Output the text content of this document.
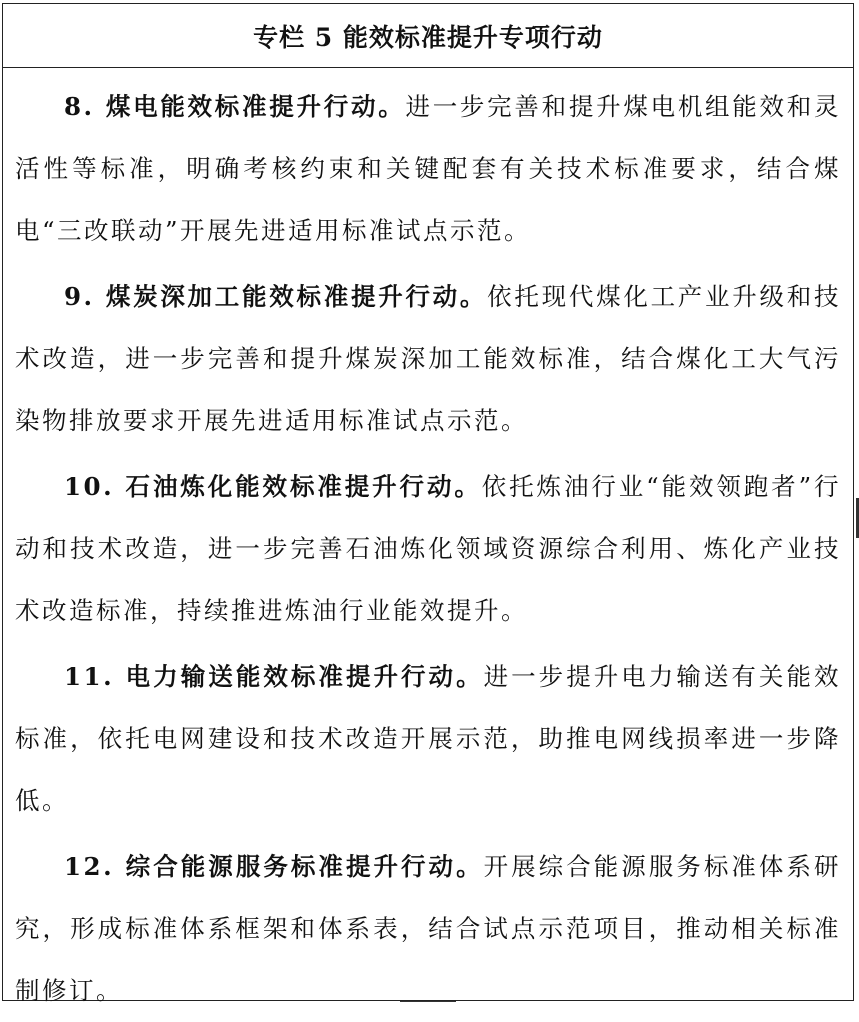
专栏 5 能效标准提升专项行动

8. 煤电能效标准提升行动。进一步完善和提升煤电机组能效和灵活性等标准，明确考核约束和关键配套有关技术标准要求，结合煤电“三改联动”开展先进适用标准试点示范。

9. 煤炭深加工能效标准提升行动。依托现代煤化工产业升级和技术改造，进一步完善和提升煤炭深加工能效标准，结合煤化工大气污染物排放要求开展先进适用标准试点示范。

10. 石油炼化能效标准提升行动。依托炼油行业“能效领跑者”行动和技术改造，进一步完善石油炼化领域资源综合利用、炼化产业技术改造标准，持续推进炼油行业能效提升。

11. 电力输送能效标准提升行动。进一步提升电力输送有关能效标准，依托电网建设和技术改造开展示范，助推电网线损率进一步降低。

12. 综合能源服务标准提升行动。开展综合能源服务标准体系研究，形成标准体系框架和体系表，结合试点示范项目，推动相关标准制修订。
